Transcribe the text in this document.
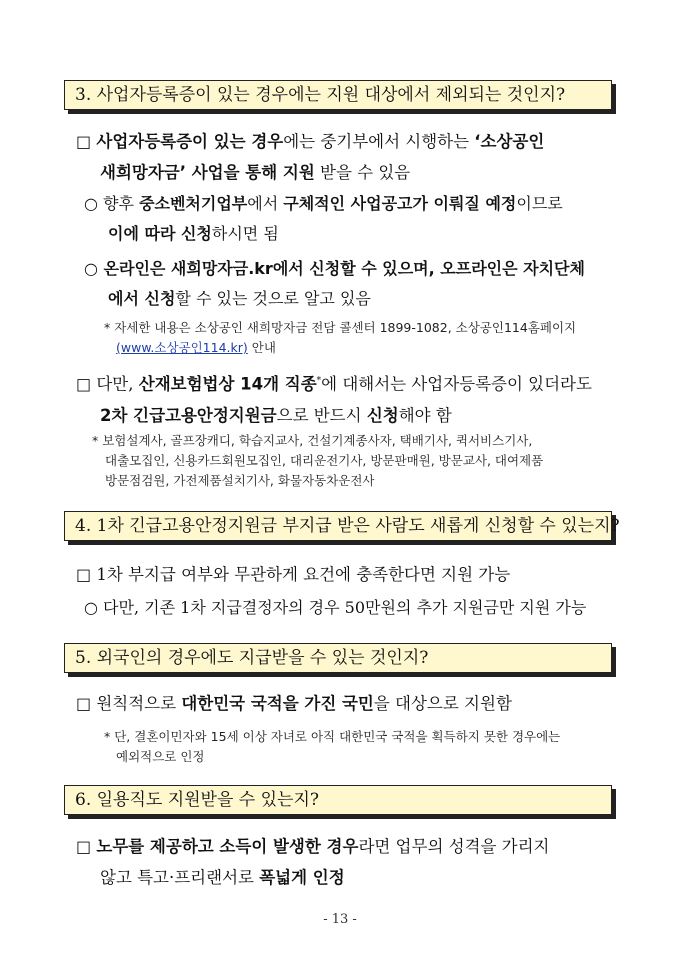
3. 사업자등록증이 있는 경우에는 지원 대상에서 제외되는 것인지?
□ 사업자등록증이 있는 경우에는 중기부에서 시행하는 ‘소상공인
새희망자금’ 사업을 통해 지원 받을 수 있음
○ 향후 중소벤처기업부에서 구체적인 사업공고가 이뤄질 예정이므로
이에 따라 신청하시면 됨
○ 온라인은 새희망자금.kr에서 신청할 수 있으며, 오프라인은 자치단체
에서 신청할 수 있는 것으로 알고 있음
* 자세한 내용은 소상공인 새희망자금 전담 콜센터 1899-1082, 소상공인114홈페이지
(www.소상공인114.kr) 안내
□ 다만, 산재보험법상 14개 직종*에 대해서는 사업자등록증이 있더라도
2차 긴급고용안정지원금으로 반드시 신청해야 함
* 보험설계사, 골프장캐디, 학습지교사, 건설기계종사자, 택배기사, 퀵서비스기사,
대출모집인, 신용카드회원모집인, 대리운전기사, 방문판매원, 방문교사, 대여제품
방문점검원, 가전제품설치기사, 화물자동차운전사
4. 1차 긴급고용안정지원금 부지급 받은 사람도 새롭게 신청할 수 있는지?
□ 1차 부지급 여부와 무관하게 요건에 충족한다면 지원 가능
○ 다만, 기존 1차 지급결정자의 경우 50만원의 추가 지원금만 지원 가능
5. 외국인의 경우에도 지급받을 수 있는 것인지?
□ 원칙적으로 대한민국 국적을 가진 국민을 대상으로 지원함
* 단, 결혼이민자와 15세 이상 자녀로 아직 대한민국 국적을 획득하지 못한 경우에는
예외적으로 인정
6. 일용직도 지원받을 수 있는지?
□ 노무를 제공하고 소득이 발생한 경우라면 업무의 성격을 가리지
않고 특고·프리랜서로 폭넓게 인정
- 13 -
